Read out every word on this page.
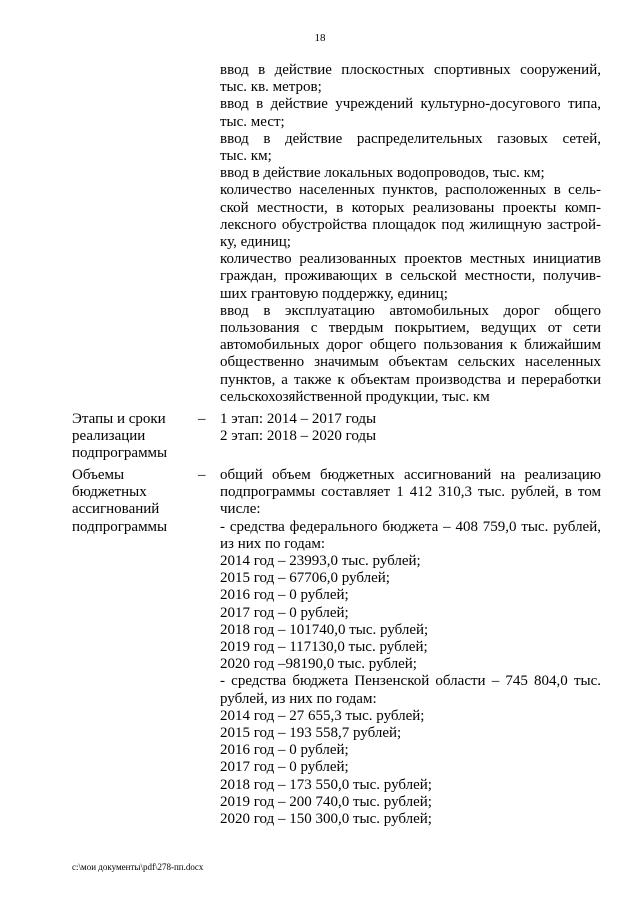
18
ввод в действие плоскостных спортивных сооружений,
тыс. кв. метров;
ввод в действие учреждений культурно-досугового типа,
тыс. мест;
ввод в действие распределительных газовых сетей,
тыс. км;
ввод в действие локальных водопроводов, тыс. км;
количество населенных пунктов, расположенных в сель-
ской местности, в которых реализованы проекты комп-
лексного обустройства площадок под жилищную застрой-
ку, единиц;
количество реализованных проектов местных инициатив
граждан, проживающих в сельской местности, получив-
ших грантовую поддержку, единиц;
ввод в эксплуатацию автомобильных дорог общего
пользования с твердым покрытием, ведущих от сети
автомобильных дорог общего пользования к ближайшим
общественно значимым объектам сельских населенных
пунктов, а также к объектам производства и переработки
сельскохозяйственной продукции, тыс. км
Этапы и сроки
реализации
подпрограммы
– 1 этап: 2014 – 2017 годы
2 этап: 2018 – 2020 годы
Объемы
бюджетных
ассигнований
подпрограммы
– общий объем бюджетных ассигнований на реализацию
подпрограммы составляет 1 412 310,3 тыс. рублей, в том
числе:
- средства федерального бюджета – 408 759,0 тыс. рублей,
из них по годам:
2014 год – 23993,0 тыс. рублей;
2015 год – 67706,0 рублей;
2016 год – 0 рублей;
2017 год – 0 рублей;
2018 год – 101740,0 тыс. рублей;
2019 год – 117130,0 тыс. рублей;
2020 год –98190,0 тыс. рублей;
- средства бюджета Пензенской области – 745 804,0 тыс.
рублей, из них по годам:
2014 год – 27 655,3 тыс. рублей;
2015 год – 193 558,7 рублей;
2016 год – 0 рублей;
2017 год – 0 рублей;
2018 год – 173 550,0 тыс. рублей;
2019 год – 200 740,0 тыс. рублей;
2020 год – 150 300,0 тыс. рублей;
c:\мои документы\pdf\278-пп.docx
